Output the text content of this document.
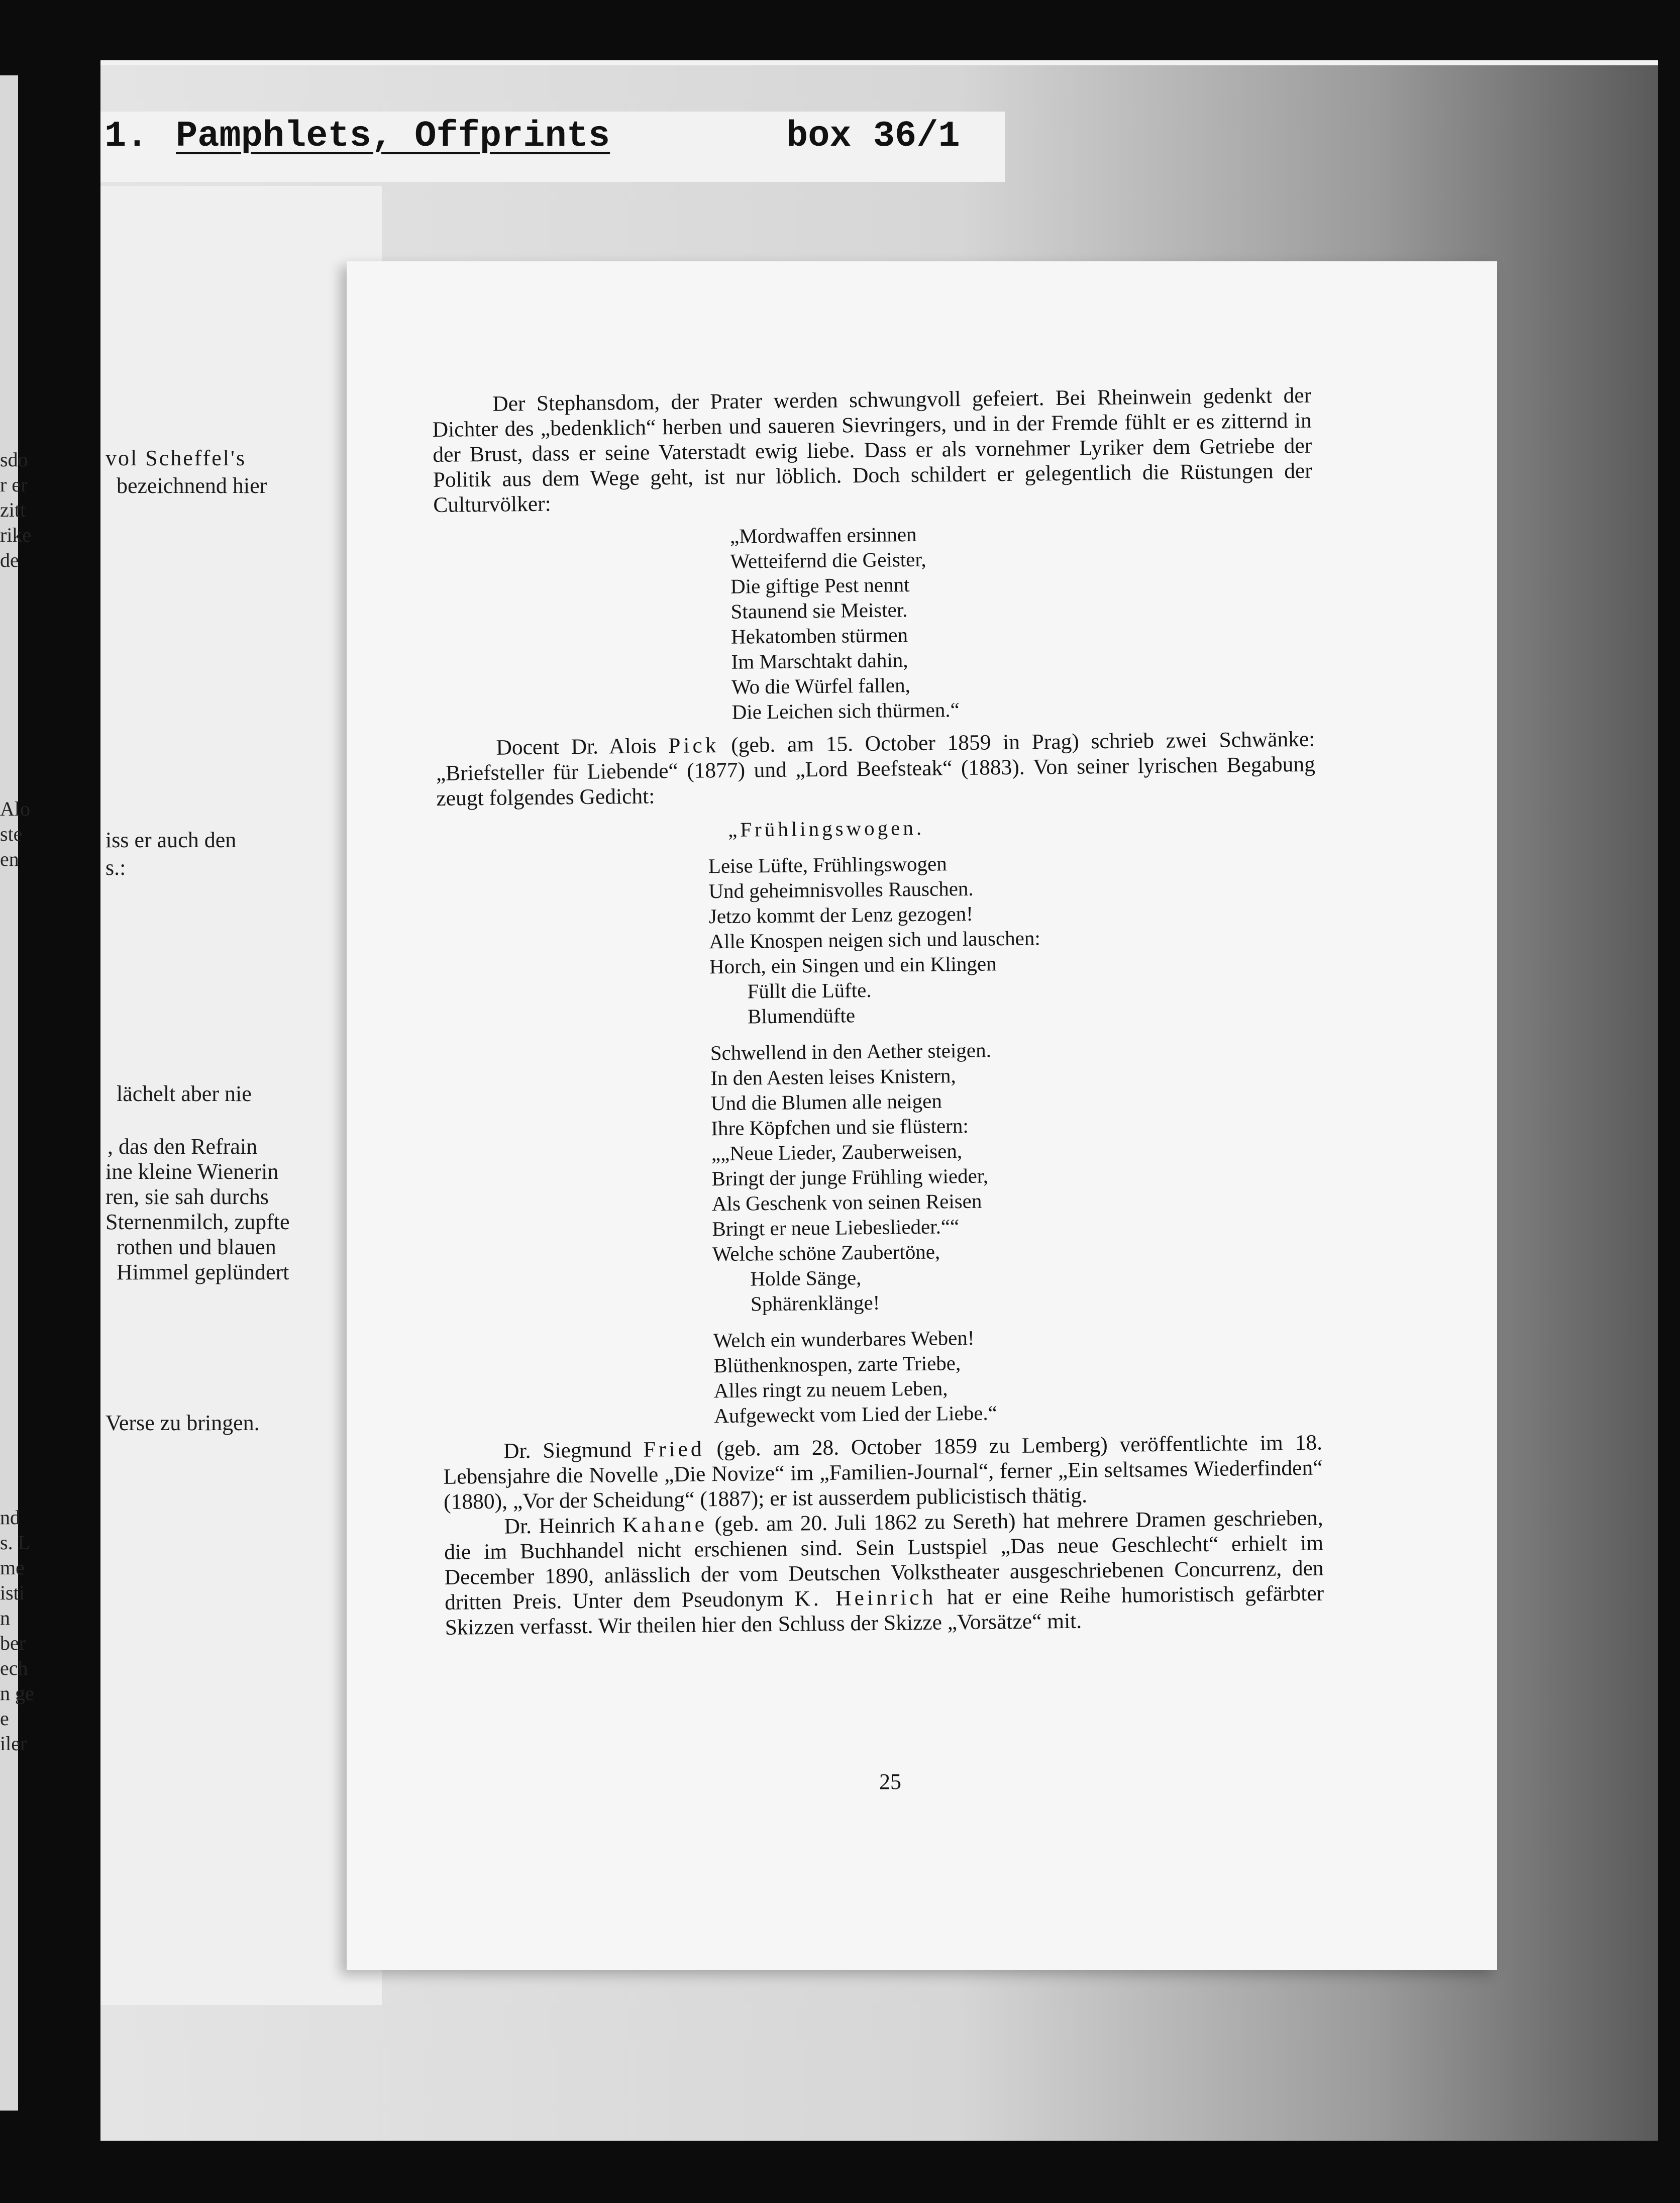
sdo
r er
zitt
rike
de
Alo
ste
en
nd
s. L
me
isti
n
ber
ech
n ge
e
iler
1. Pamphlets, Offprints	box 36/1
vol Scheffel's
bezeichnend hier
iss er auch den
s.:
lächelt aber nie
, das den Refrain
ine kleine Wienerin
ren, sie sah durchs
Sternenmilch, zupfte
rothen und blauen
Himmel geplündert
Verse zu bringen.

Der Stephansdom, der Prater werden schwungvoll gefeiert. Bei Rheinwein gedenkt der Dichter des „bedenklich“ herben und saueren Sievringers, und in der Fremde fühlt er es zitternd in der Brust, dass er seine Vaterstadt ewig liebe. Dass er als vornehmer Lyriker dem Getriebe der Politik aus dem Wege geht, ist nur löblich. Doch schildert er gelegentlich die Rüstungen der Culturvölker:

„Mordwaffen ersinnen
Wetteifernd die Geister,
Die giftige Pest nennt
Staunend sie Meister.
Hekatomben stürmen
Im Marschtakt dahin,
Wo die Würfel fallen,
Die Leichen sich thürmen.“

Docent Dr. Alois Pick (geb. am 15. October 1859 in Prag) schrieb zwei Schwänke: „Briefsteller für Liebende“ (1877) und „Lord Beefsteak“ (1883). Von seiner lyrischen Begabung zeugt folgendes Gedicht:

„Frühlingswogen.
Leise Lüfte, Frühlingswogen
Und geheimnisvolles Rauschen.
Jetzo kommt der Lenz gezogen!
Alle Knospen neigen sich und lauschen:
Horch, ein Singen und ein Klingen
Füllt die Lüfte.
Blumendüfte
Schwellend in den Aether steigen.
In den Aesten leises Knistern,
Und die Blumen alle neigen
Ihre Köpfchen und sie flüstern:
„„Neue Lieder, Zauberweisen,
Bringt der junge Frühling wieder,
Als Geschenk von seinen Reisen
Bringt er neue Liebeslieder.““
Welche schöne Zaubertöne,
Holde Sänge,
Sphärenklänge!
Welch ein wunderbares Weben!
Blüthenknospen, zarte Triebe,
Alles ringt zu neuem Leben,
Aufgeweckt vom Lied der Liebe.“

Dr. Siegmund Fried (geb. am 28. October 1859 zu Lemberg) veröffentlichte im 18. Lebensjahre die Novelle „Die Novize“ im „Familien-Journal“, ferner „Ein seltsames Wiederfinden“ (1880), „Vor der Scheidung“ (1887); er ist ausserdem publicistisch thätig.

Dr. Heinrich Kahane (geb. am 20. Juli 1862 zu Sereth) hat mehrere Dramen geschrieben, die im Buchhandel nicht erschienen sind. Sein Lustspiel „Das neue Geschlecht“ erhielt im December 1890, anlässlich der vom Deutschen Volkstheater ausgeschriebenen Concurrenz, den dritten Preis. Unter dem Pseudonym K. Heinrich hat er eine Reihe humoristisch gefärbter Skizzen verfasst. Wir theilen hier den Schluss der Skizze „Vorsätze“ mit.

25
